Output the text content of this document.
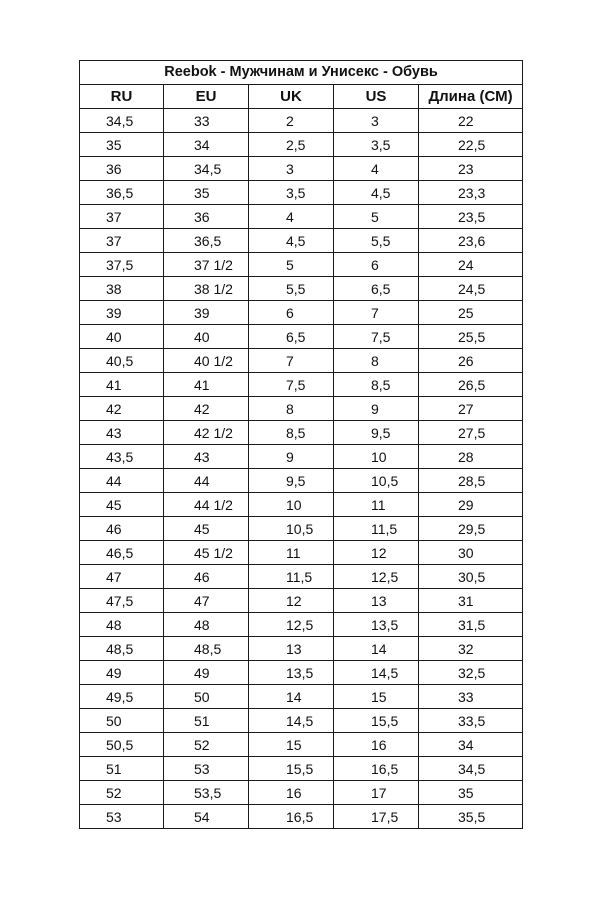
Reebok - Мужчинам и Унисекс - Обувь				
RU	EU	UK	US	Длина (СМ)
34,5	33	2	3	22
35	34	2,5	3,5	22,5
36	34,5	3	4	23
36,5	35	3,5	4,5	23,3
37	36	4	5	23,5
37	36,5	4,5	5,5	23,6
37,5	37 1/2	5	6	24
38	38 1/2	5,5	6,5	24,5
39	39	6	7	25
40	40	6,5	7,5	25,5
40,5	40 1/2	7	8	26
41	41	7,5	8,5	26,5
42	42	8	9	27
43	42 1/2	8,5	9,5	27,5
43,5	43	9	10	28
44	44	9,5	10,5	28,5
45	44 1/2	10	11	29
46	45	10,5	11,5	29,5
46,5	45 1/2	11	12	30
47	46	11,5	12,5	30,5
47,5	47	12	13	31
48	48	12,5	13,5	31,5
48,5	48,5	13	14	32
49	49	13,5	14,5	32,5
49,5	50	14	15	33
50	51	14,5	15,5	33,5
50,5	52	15	16	34
51	53	15,5	16,5	34,5
52	53,5	16	17	35
53	54	16,5	17,5	35,5
